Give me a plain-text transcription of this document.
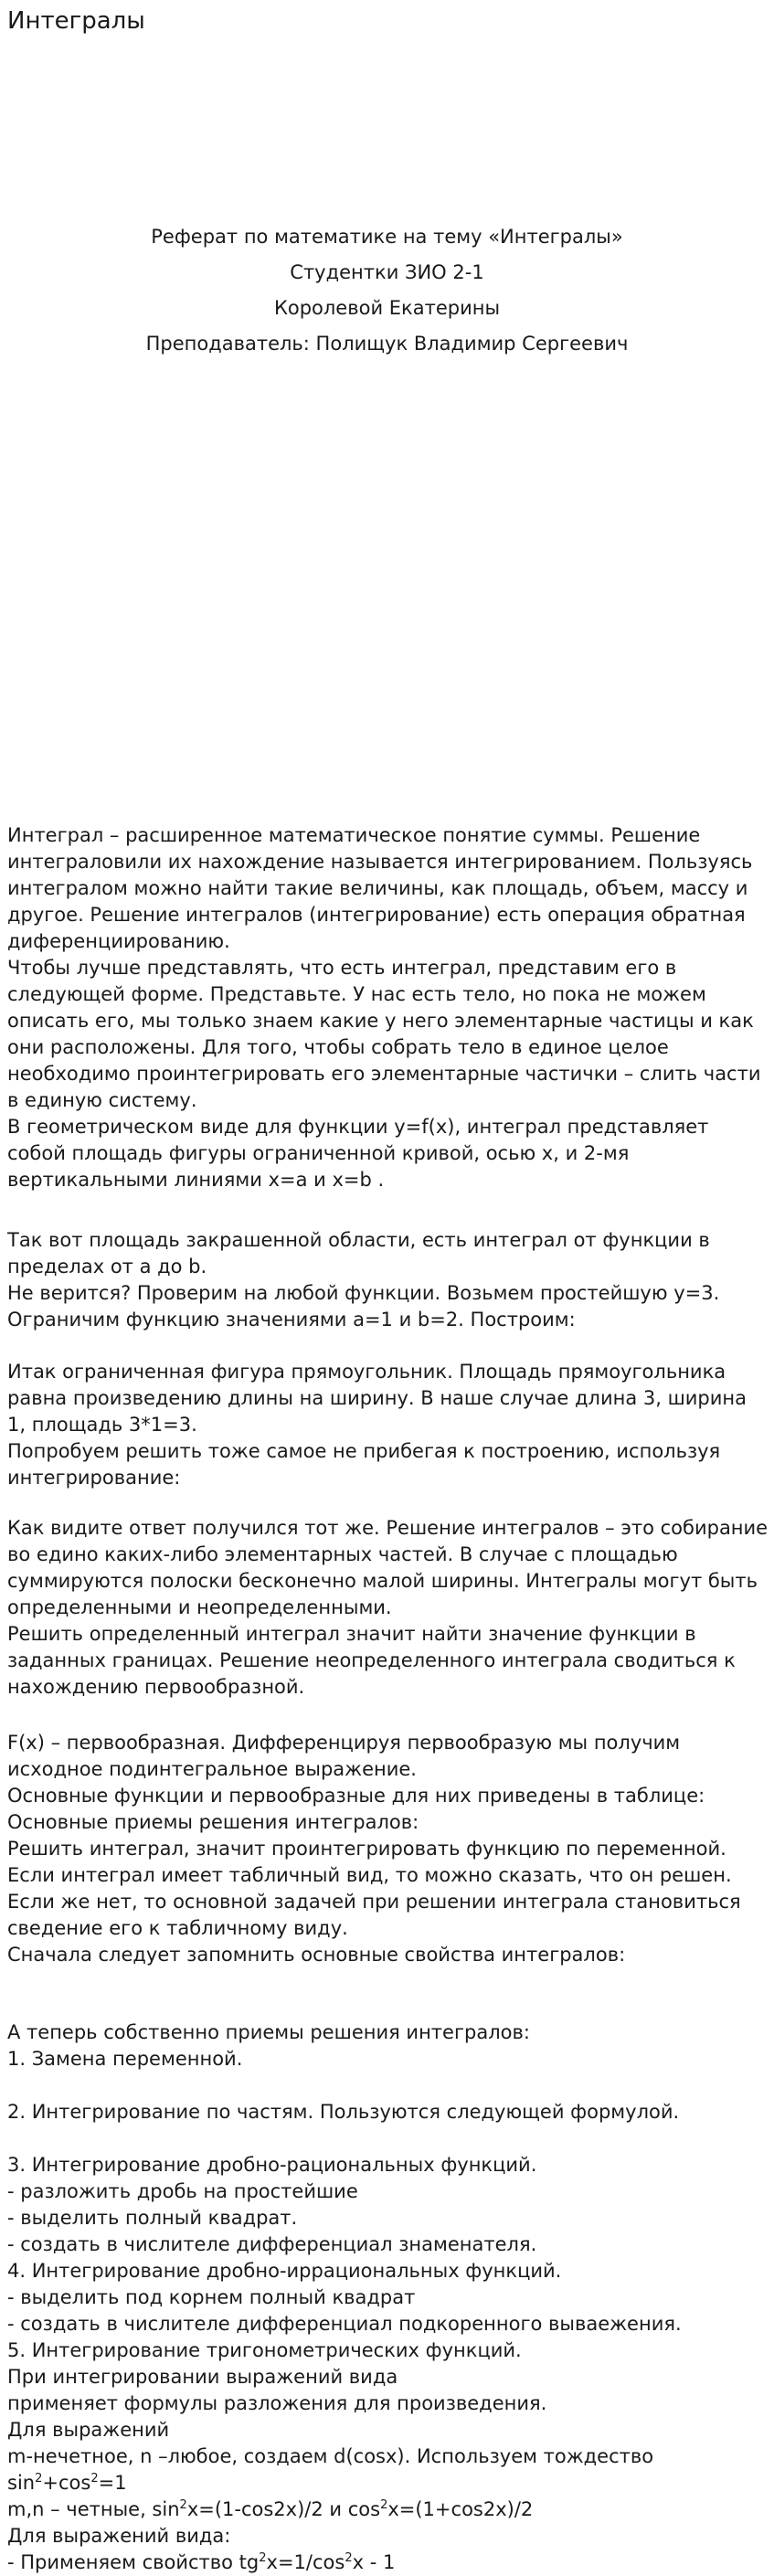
Интегралы
Реферат по математике на тему «Интегралы»
Студентки ЗИО 2-1
Королевой Екатерины
Преподаватель: Полищук Владимир Сергеевич

Интеграл – расширенное математическое понятие суммы. Решение интеграловили их нахождение называется интегрированием. Пользуясь интегралом можно найти такие величины, как площадь, объем, массу и другое. Решение интегралов (интегрирование) есть операция обратная диференциированию.

Чтобы лучше представлять, что есть интеграл, представим его в следующей форме. Представьте. У нас есть тело, но пока не можем описать его, мы только знаем какие у него элементарные частицы и как они расположены. Для того, чтобы собрать тело в единое целое необходимо проинтегрировать его элементарные частички – слить части в единую систему.

В геометрическом виде для функции y=f(x), интеграл представляет собой площадь фигуры ограниченной кривой, осью x, и 2-мя вертикальными линиями x=a и x=b .

Так вот площадь закрашенной области, есть интеграл от функции в пределах от a до b.

Не верится? Проверим на любой функции. Возьмем простейшую y=3. Ограничим функцию значениями a=1 и b=2. Построим:

Итак ограниченная фигура прямоугольник. Площадь прямоугольника равна произведению длины на ширину. В наше случае длина 3, ширина 1, площадь 3*1=3.

Попробуем решить тоже самое не прибегая к построению, используя интегрирование:

Как видите ответ получился тот же. Решение интегралов – это собирание во едино каких-либо элементарных частей. В случае с площадью суммируются полоски бесконечно малой ширины. Интегралы могут быть определенными и неопределенными.

Решить определенный интеграл значит найти значение функции в заданных границах. Решение неопределенного интеграла сводиться к нахождению первообразной.

F(x) – первообразная. Дифференцируя первообразую мы получим исходное подинтегральное выражение.

Основные функции и первообразные для них приведены в таблице:

Основные приемы решения интегралов:

Решить интеграл, значит проинтегрировать функцию по переменной. Если интеграл имеет табличный вид, то можно сказать, что он решен. Если же нет, то основной задачей при решении интеграла становиться сведение его к табличному виду.

Сначала следует запомнить основные свойства интегралов:

А теперь собственно приемы решения интегралов:

1. Замена переменной.

2. Интегрирование по частям. Пользуются следующей формулой.

3. Интегрирование дробно-рациональных функций.

- разложить дробь на простейшие

- выделить полный квадрат.

- создать в числителе дифференциал знаменателя.

4. Интегрирование дробно-иррациональных функций.

- выделить под корнем полный квадрат

- создать в числителе дифференциал подкоренного вываежения.

5. Интегрирование тригонометрических функций.

При интегрировании выражений вида

применяет формулы разложения для произведения.

Для выражений

m-нечетное, n –любое, создаем d(cosx). Используем тождество $\sin^2+\cos^2=1$

m,n – четные, $\sin^2x=(1-\cos 2x)/2$ и $\cos^2x=(1+\cos 2x)/2$

Для выражений вида:

- Применяем свойство $tg^2x=1/\cos^2x - 1$
